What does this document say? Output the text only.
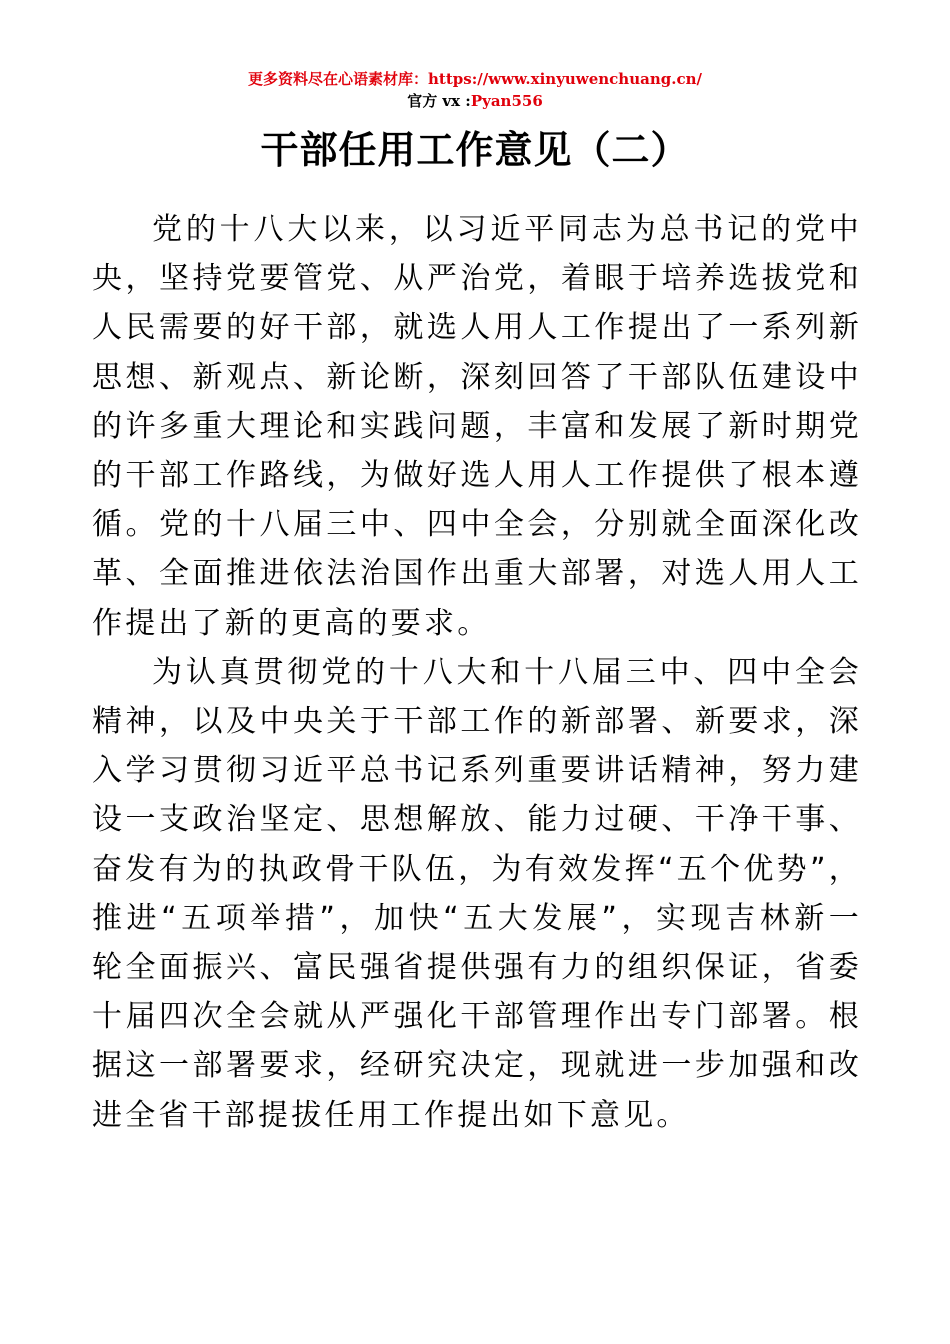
更多资料尽在心语素材库：https://www.xinyuwenchuang.cn/
官方 vx :Pyan556
干部任用工作意见（二）

党的十八大以来，以习近平同志为总书记的党中央，坚持党要管党、从严治党，着眼于培养选拔党和人民需要的好干部，就选人用人工作提出了一系列新思想、新观点、新论断，深刻回答了干部队伍建设中的许多重大理论和实践问题，丰富和发展了新时期党的干部工作路线，为做好选人用人工作提供了根本遵循。党的十八届三中、四中全会，分别就全面深化改革、全面推进依法治国作出重大部署，对选人用人工作提出了新的更高的要求。

为认真贯彻党的十八大和十八届三中、四中全会精神，以及中央关于干部工作的新部署、新要求，深入学习贯彻习近平总书记系列重要讲话精神，努力建设一支政治坚定、思想解放、能力过硬、干净干事、奋发有为的执政骨干队伍，为有效发挥“五个优势”，推进“五项举措”，加快“五大发展”，实现吉林新一轮全面振兴、富民强省提供强有力的组织保证，省委十届四次全会就从严强化干部管理作出专门部署。根据这一部署要求，经研究决定，现就进一步加强和改进全省干部提拔任用工作提出如下意见。
